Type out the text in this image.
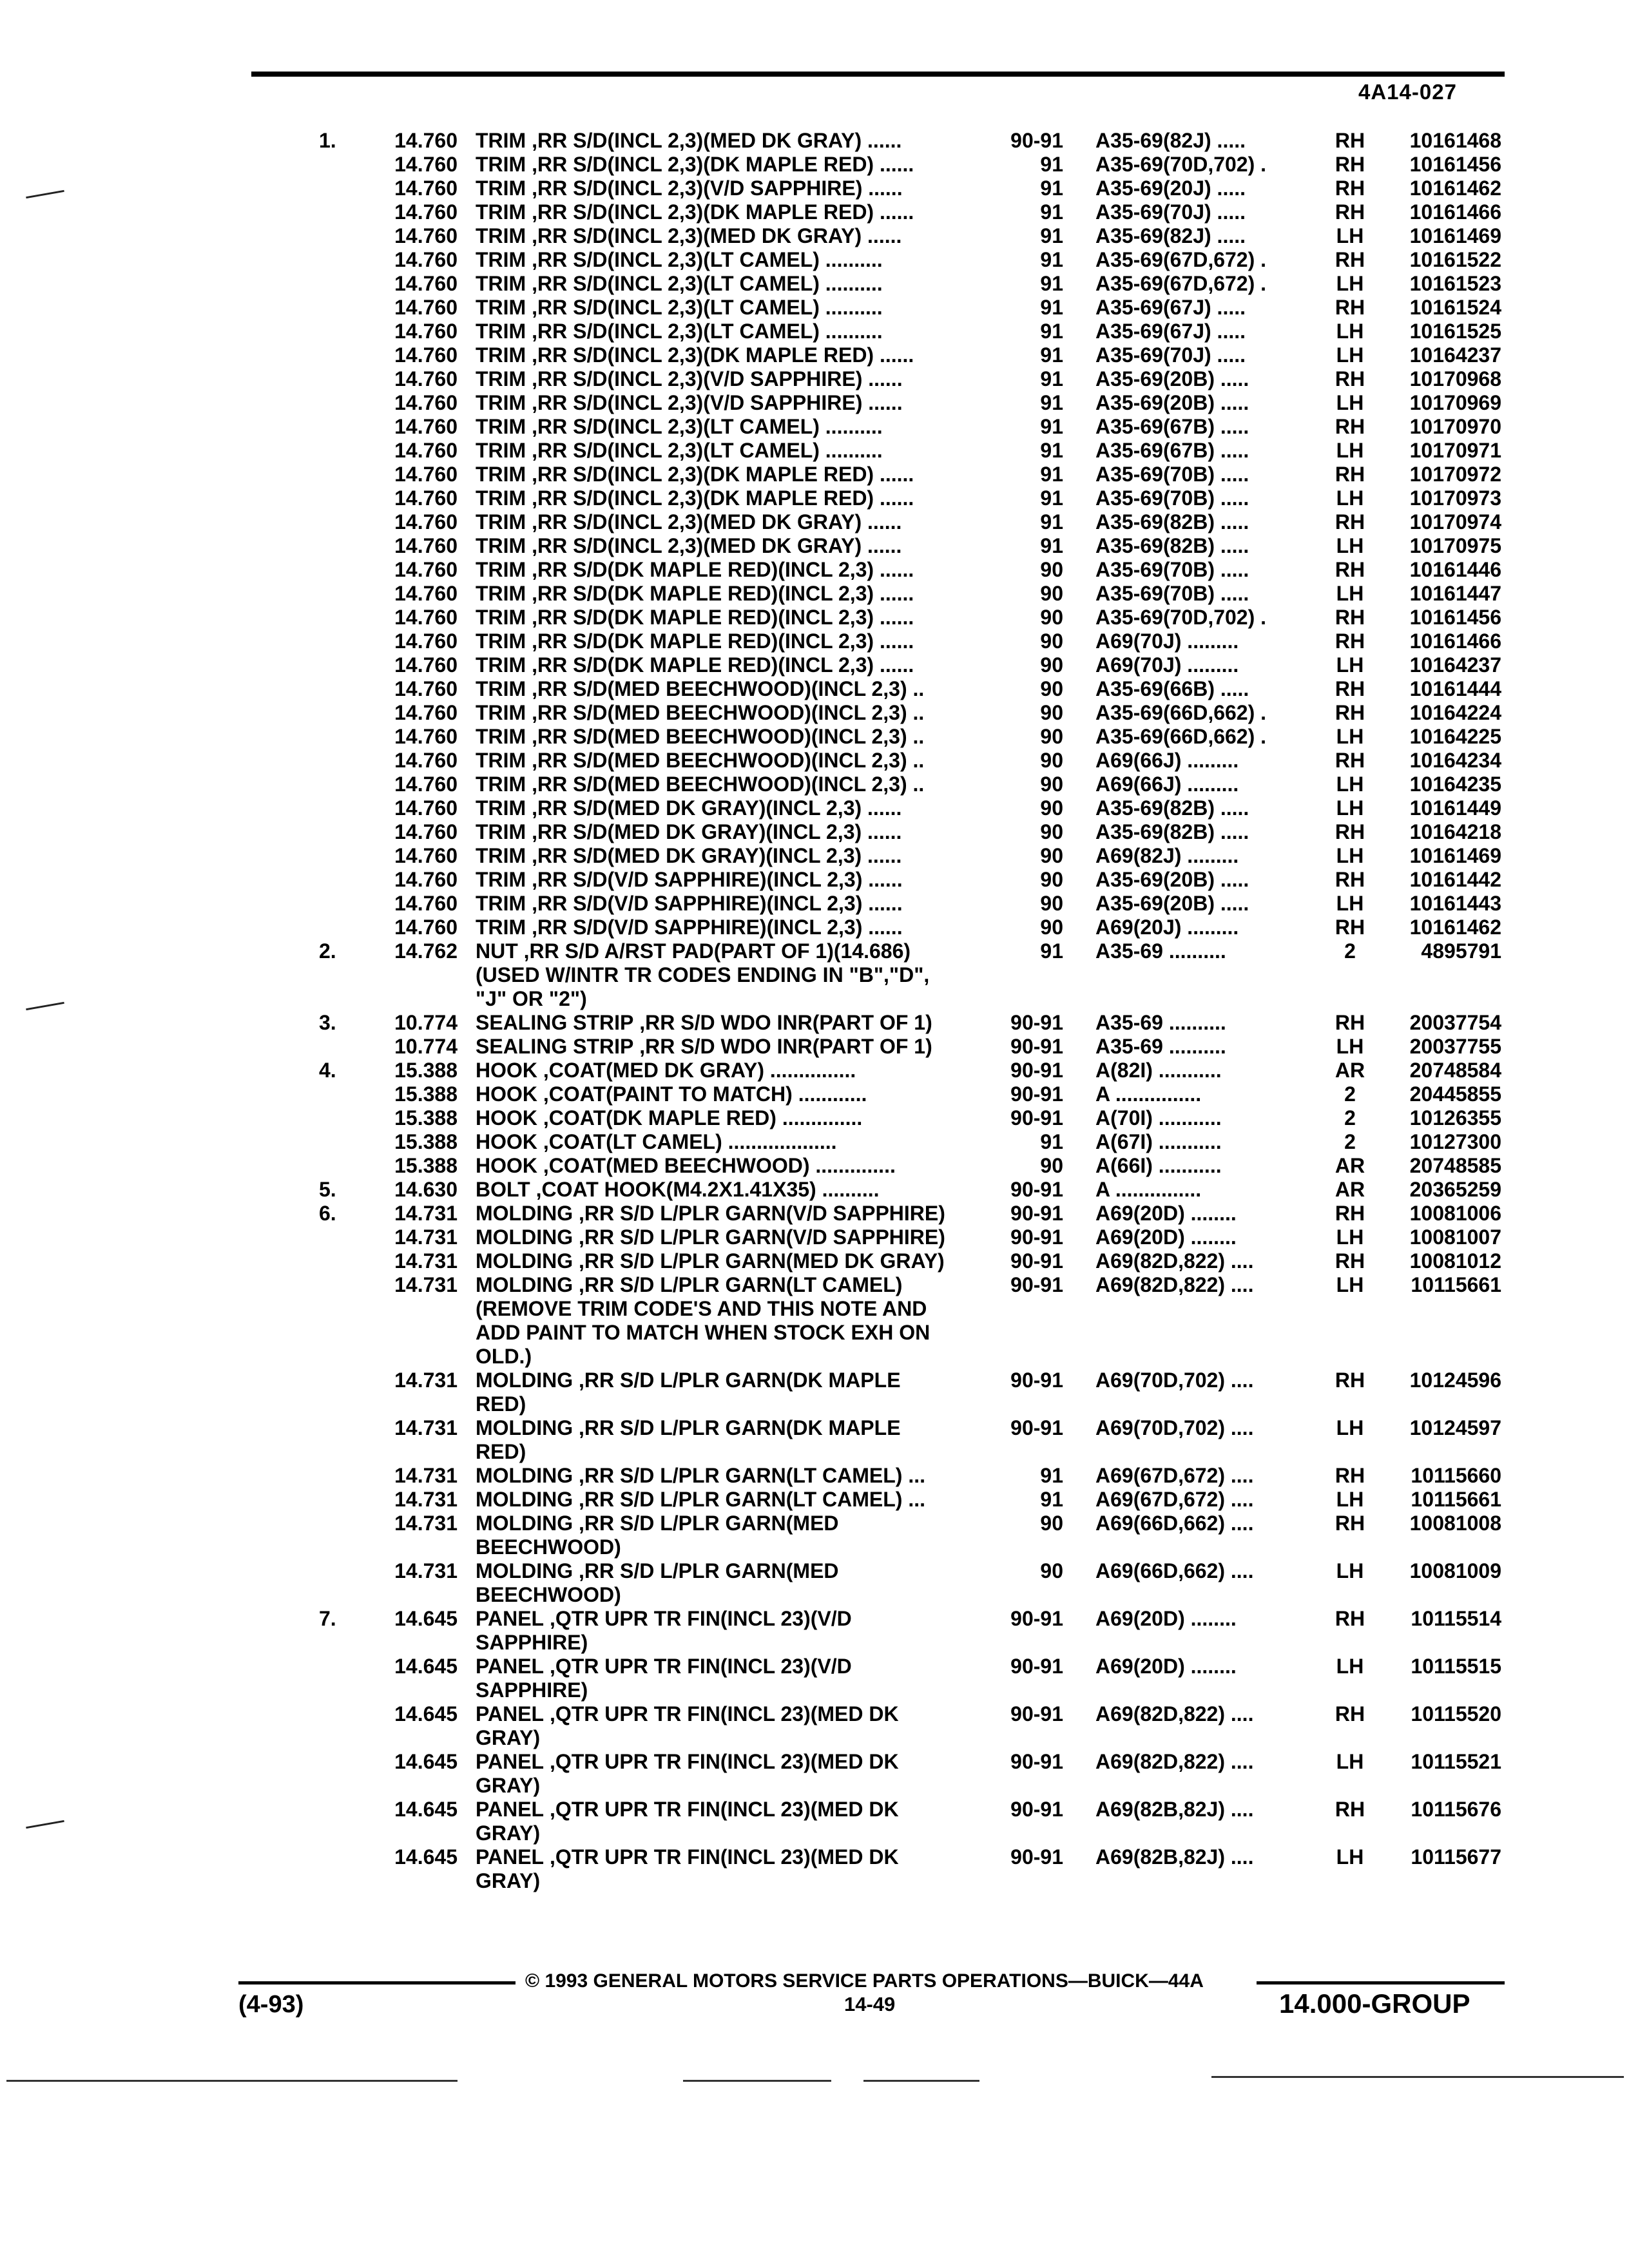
4A14-027
1.	14.760 TRIM ,RR S/D(INCL 2,3)(MED DK GRAY) ......	90-91 A35-69(82J) .....	RH	10161468
14.760 TRIM ,RR S/D(INCL 2,3)(DK MAPLE RED) ......	91 A35-69(70D,702) .	RH	10161456
14.760 TRIM ,RR S/D(INCL 2,3)(V/D SAPPHIRE) ......	91 A35-69(20J) .....	RH	10161462
14.760 TRIM ,RR S/D(INCL 2,3)(DK MAPLE RED) ......	91 A35-69(70J) .....	RH	10161466
14.760 TRIM ,RR S/D(INCL 2,3)(MED DK GRAY) ......	91 A35-69(82J) .....	LH	10161469
14.760 TRIM ,RR S/D(INCL 2,3)(LT CAMEL) ..........	91 A35-69(67D,672) .	RH	10161522
14.760 TRIM ,RR S/D(INCL 2,3)(LT CAMEL) ..........	91 A35-69(67D,672) .	LH	10161523
14.760 TRIM ,RR S/D(INCL 2,3)(LT CAMEL) ..........	91 A35-69(67J) .....	RH	10161524
14.760 TRIM ,RR S/D(INCL 2,3)(LT CAMEL) ..........	91 A35-69(67J) .....	LH	10161525
14.760 TRIM ,RR S/D(INCL 2,3)(DK MAPLE RED) ......	91 A35-69(70J) .....	LH	10164237
14.760 TRIM ,RR S/D(INCL 2,3)(V/D SAPPHIRE) ......	91 A35-69(20B) .....	RH	10170968
14.760 TRIM ,RR S/D(INCL 2,3)(V/D SAPPHIRE) ......	91 A35-69(20B) .....	LH	10170969
14.760 TRIM ,RR S/D(INCL 2,3)(LT CAMEL) ..........	91 A35-69(67B) .....	RH	10170970
14.760 TRIM ,RR S/D(INCL 2,3)(LT CAMEL) ..........	91 A35-69(67B) .....	LH	10170971
14.760 TRIM ,RR S/D(INCL 2,3)(DK MAPLE RED) ......	91 A35-69(70B) .....	RH	10170972
14.760 TRIM ,RR S/D(INCL 2,3)(DK MAPLE RED) ......	91 A35-69(70B) .....	LH	10170973
14.760 TRIM ,RR S/D(INCL 2,3)(MED DK GRAY) ......	91 A35-69(82B) .....	RH	10170974
14.760 TRIM ,RR S/D(INCL 2,3)(MED DK GRAY) ......	91 A35-69(82B) .....	LH	10170975
14.760 TRIM ,RR S/D(DK MAPLE RED)(INCL 2,3) ......	90 A35-69(70B) .....	RH	10161446
14.760 TRIM ,RR S/D(DK MAPLE RED)(INCL 2,3) ......	90 A35-69(70B) .....	LH	10161447
14.760 TRIM ,RR S/D(DK MAPLE RED)(INCL 2,3) ......	90 A35-69(70D,702) .	RH	10161456
14.760 TRIM ,RR S/D(DK MAPLE RED)(INCL 2,3) ......	90 A69(70J) .........	RH	10161466
14.760 TRIM ,RR S/D(DK MAPLE RED)(INCL 2,3) ......	90 A69(70J) .........	LH	10164237
14.760 TRIM ,RR S/D(MED BEECHWOOD)(INCL 2,3) ..	90 A35-69(66B) .....	RH	10161444
14.760 TRIM ,RR S/D(MED BEECHWOOD)(INCL 2,3) ..	90 A35-69(66D,662) .	RH	10164224
14.760 TRIM ,RR S/D(MED BEECHWOOD)(INCL 2,3) ..	90 A35-69(66D,662) .	LH	10164225
14.760 TRIM ,RR S/D(MED BEECHWOOD)(INCL 2,3) ..	90 A69(66J) .........	RH	10164234
14.760 TRIM ,RR S/D(MED BEECHWOOD)(INCL 2,3) ..	90 A69(66J) .........	LH	10164235
14.760 TRIM ,RR S/D(MED DK GRAY)(INCL 2,3) ......	90 A35-69(82B) .....	LH	10161449
14.760 TRIM ,RR S/D(MED DK GRAY)(INCL 2,3) ......	90 A35-69(82B) .....	RH	10164218
14.760 TRIM ,RR S/D(MED DK GRAY)(INCL 2,3) ......	90 A69(82J) .........	LH	10161469
14.760 TRIM ,RR S/D(V/D SAPPHIRE)(INCL 2,3) ......	90 A35-69(20B) .....	RH	10161442
14.760 TRIM ,RR S/D(V/D SAPPHIRE)(INCL 2,3) ......	90 A35-69(20B) .....	LH	10161443
14.760 TRIM ,RR S/D(V/D SAPPHIRE)(INCL 2,3) ......	90 A69(20J) .........	RH	10161462
2.	14.762 NUT ,RR S/D A/RST PAD(PART OF 1)(14.686)	91 A35-69 ..........	2	4895791
(USED W/INTR TR CODES ENDING IN "B","D",
"J" OR "2")
3.	10.774 SEALING STRIP ,RR S/D WDO INR(PART OF 1)	90-91 A35-69 ..........	RH	20037754
10.774 SEALING STRIP ,RR S/D WDO INR(PART OF 1)	90-91 A35-69 ..........	LH	20037755
4.	15.388 HOOK ,COAT(MED DK GRAY) ...............	90-91 A(82I) ...........	AR	20748584
15.388 HOOK ,COAT(PAINT TO MATCH) ............	90-91 A ...............	2	20445855
15.388 HOOK ,COAT(DK MAPLE RED) ..............	90-91 A(70I) ...........	2	10126355
15.388 HOOK ,COAT(LT CAMEL) ...................	91 A(67I) ...........	2	10127300
15.388 HOOK ,COAT(MED BEECHWOOD) ..............	90 A(66I) ...........	AR	20748585
5.	14.630 BOLT ,COAT HOOK(M4.2X1.41X35) ..........	90-91 A ...............	AR	20365259
6.	14.731 MOLDING ,RR S/D L/PLR GARN(V/D SAPPHIRE)	90-91 A69(20D) ........	RH	10081006
14.731 MOLDING ,RR S/D L/PLR GARN(V/D SAPPHIRE)	90-91 A69(20D) ........	LH	10081007
14.731 MOLDING ,RR S/D L/PLR GARN(MED DK GRAY)	90-91 A69(82D,822) ....	RH	10081012
14.731 MOLDING ,RR S/D L/PLR GARN(LT CAMEL)	90-91 A69(82D,822) ....	LH	10115661
(REMOVE TRIM CODE'S AND THIS NOTE AND
ADD PAINT TO MATCH WHEN STOCK EXH ON
OLD.)
14.731 MOLDING ,RR S/D L/PLR GARN(DK MAPLE	90-91 A69(70D,702) ....	RH	10124596
RED)
14.731 MOLDING ,RR S/D L/PLR GARN(DK MAPLE	90-91 A69(70D,702) ....	LH	10124597
RED)
14.731 MOLDING ,RR S/D L/PLR GARN(LT CAMEL) ...	91 A69(67D,672) ....	RH	10115660
14.731 MOLDING ,RR S/D L/PLR GARN(LT CAMEL) ...	91 A69(67D,672) ....	LH	10115661
14.731 MOLDING ,RR S/D L/PLR GARN(MED	90 A69(66D,662) ....	RH	10081008
BEECHWOOD)
14.731 MOLDING ,RR S/D L/PLR GARN(MED	90 A69(66D,662) ....	LH	10081009
BEECHWOOD)
7.	14.645 PANEL ,QTR UPR TR FIN(INCL 23)(V/D	90-91 A69(20D) ........	RH	10115514
SAPPHIRE)
14.645 PANEL ,QTR UPR TR FIN(INCL 23)(V/D	90-91 A69(20D) ........	LH	10115515
SAPPHIRE)
14.645 PANEL ,QTR UPR TR FIN(INCL 23)(MED DK	90-91 A69(82D,822) ....	RH	10115520
GRAY)
14.645 PANEL ,QTR UPR TR FIN(INCL 23)(MED DK	90-91 A69(82D,822) ....	LH	10115521
GRAY)
14.645 PANEL ,QTR UPR TR FIN(INCL 23)(MED DK	90-91 A69(82B,82J) ....	RH	10115676
GRAY)
14.645 PANEL ,QTR UPR TR FIN(INCL 23)(MED DK	90-91 A69(82B,82J) ....	LH	10115677
GRAY)
© 1993 GENERAL MOTORS SERVICE PARTS OPERATIONS—BUICK—44A
(4-93)	14-49	14.000-GROUP
